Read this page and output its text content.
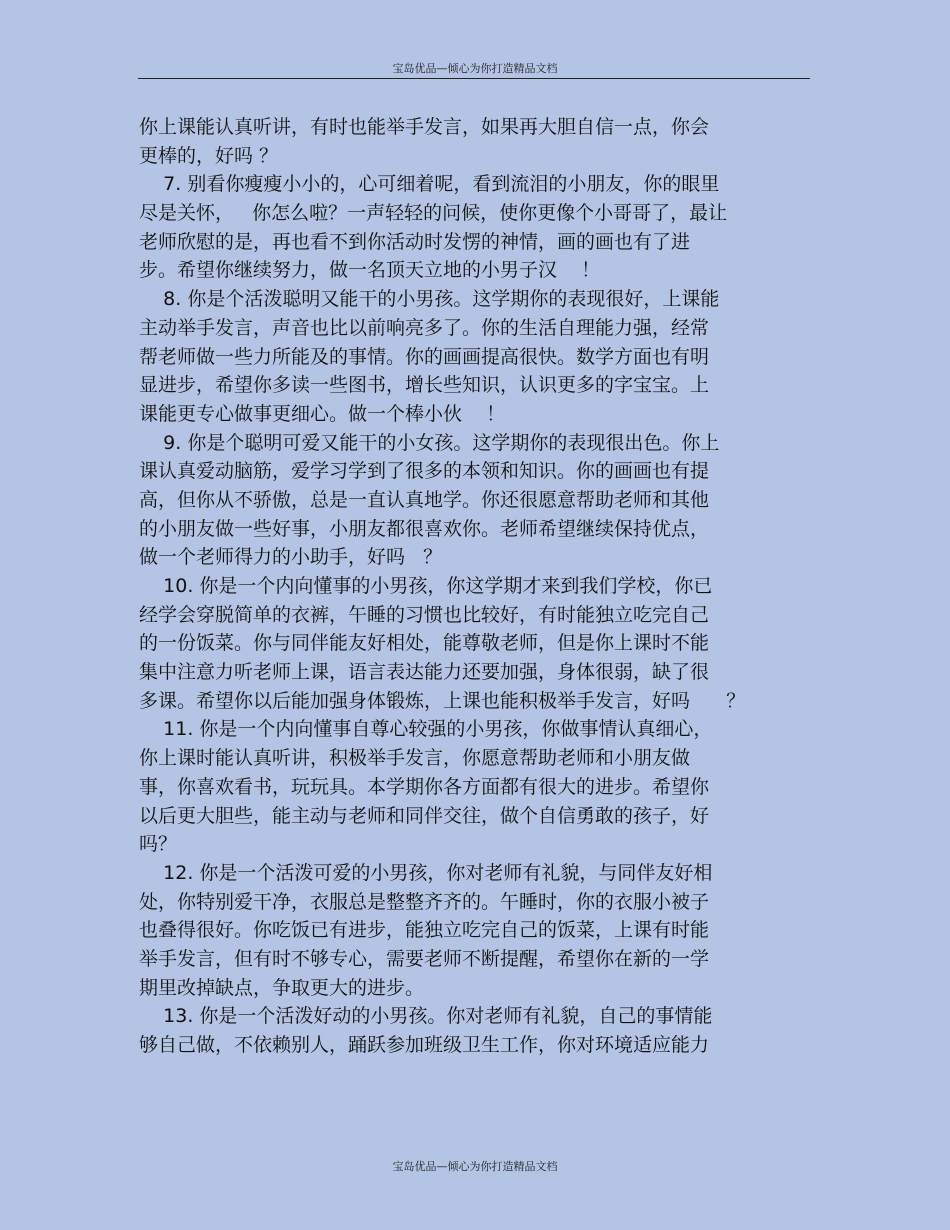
宝岛优品—倾心为你打造精品文档
你上课能认真听讲，有时也能举手发言，如果再大胆自信一点，你会
更棒的，好吗 ？
7. 别看你瘦瘦小小的，心可细着呢，看到流泪的小朋友，你的眼里
尽是关怀，   你怎么啦？一声轻轻的问候，使你更像个小哥哥了，最让
老师欣慰的是，再也看不到你活动时发愣的神情，画的画也有了进
步。希望你继续努力，做一名顶天立地的小男子汉    ！
8. 你是个活泼聪明又能干的小男孩。这学期你的表现很好，上课能
主动举手发言，声音也比以前响亮多了。你的生活自理能力强，经常
帮老师做一些力所能及的事情。你的画画提高很快。数学方面也有明
显进步，希望你多读一些图书，增长些知识，认识更多的字宝宝。上
课能更专心做事更细心。做一个棒小伙    ！
9. 你是个聪明可爱又能干的小女孩。这学期你的表现很出色。你上
课认真爱动脑筋，爱学习学到了很多的本领和知识。你的画画也有提
高，但你从不骄傲，总是一直认真地学。你还很愿意帮助老师和其他
的小朋友做一些好事，小朋友都很喜欢你。老师希望继续保持优点，
做一个老师得力的小助手，好吗   ？
10. 你是一个内向懂事的小男孩，你这学期才来到我们学校，你已
经学会穿脱简单的衣裤，午睡的习惯也比较好，有时能独立吃完自己
的一份饭菜。你与同伴能友好相处，能尊敬老师，但是你上课时不能
集中注意力听老师上课，语言表达能力还要加强，身体很弱，缺了很
多课。希望你以后能加强身体锻炼，上课也能积极举手发言，好吗      ？
11. 你是一个内向懂事自尊心较强的小男孩，你做事情认真细心，
你上课时能认真听讲，积极举手发言，你愿意帮助老师和小朋友做
事，你喜欢看书，玩玩具。本学期你各方面都有很大的进步。希望你
以后更大胆些，能主动与老师和同伴交往，做个自信勇敢的孩子，好
吗？
12. 你是一个活泼可爱的小男孩，你对老师有礼貌，与同伴友好相
处，你特别爱干净，衣服总是整整齐齐的。午睡时，你的衣服小被子
也叠得很好。你吃饭已有进步，能独立吃完自己的饭菜，上课有时能
举手发言，但有时不够专心，需要老师不断提醒，希望你在新的一学
期里改掉缺点，争取更大的进步。
13. 你是一个活泼好动的小男孩。你对老师有礼貌，自己的事情能
够自己做，不依赖别人，踊跃参加班级卫生工作，你对环境适应能力
宝岛优品—倾心为你打造精品文档
